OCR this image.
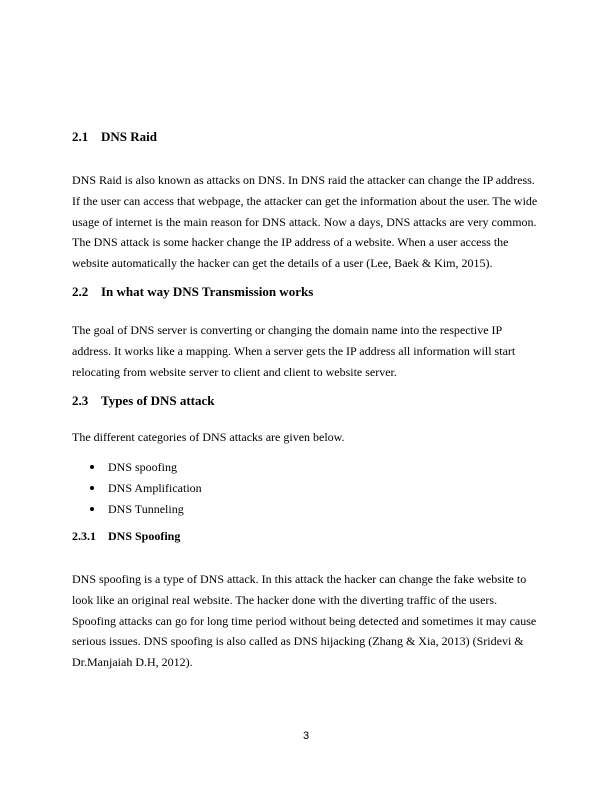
2.1 DNS Raid
DNS Raid is also known as attacks on DNS. In DNS raid the attacker can change the IP address.
If the user can access that webpage, the attacker can get the information about the user. The wide
usage of internet is the main reason for DNS attack. Now a days, DNS attacks are very common.
The DNS attack is some hacker change the IP address of a website. When a user access the
website automatically the hacker can get the details of a user (Lee, Baek & Kim, 2015).
2.2 In what way DNS Transmission works
The goal of DNS server is converting or changing the domain name into the respective IP
address. It works like a mapping. When a server gets the IP address all information will start
relocating from website server to client and client to website server.
2.3 Types of DNS attack
The different categories of DNS attacks are given below.
DNS spoofing
DNS Amplification
DNS Tunneling
2.3.1 DNS Spoofing
DNS spoofing is a type of DNS attack. In this attack the hacker can change the fake website to
look like an original real website. The hacker done with the diverting traffic of the users.
Spoofing attacks can go for long time period without being detected and sometimes it may cause
serious issues. DNS spoofing is also called as DNS hijacking (Zhang & Xia, 2013) (Sridevi &
Dr.Manjaiah D.H, 2012).
3
